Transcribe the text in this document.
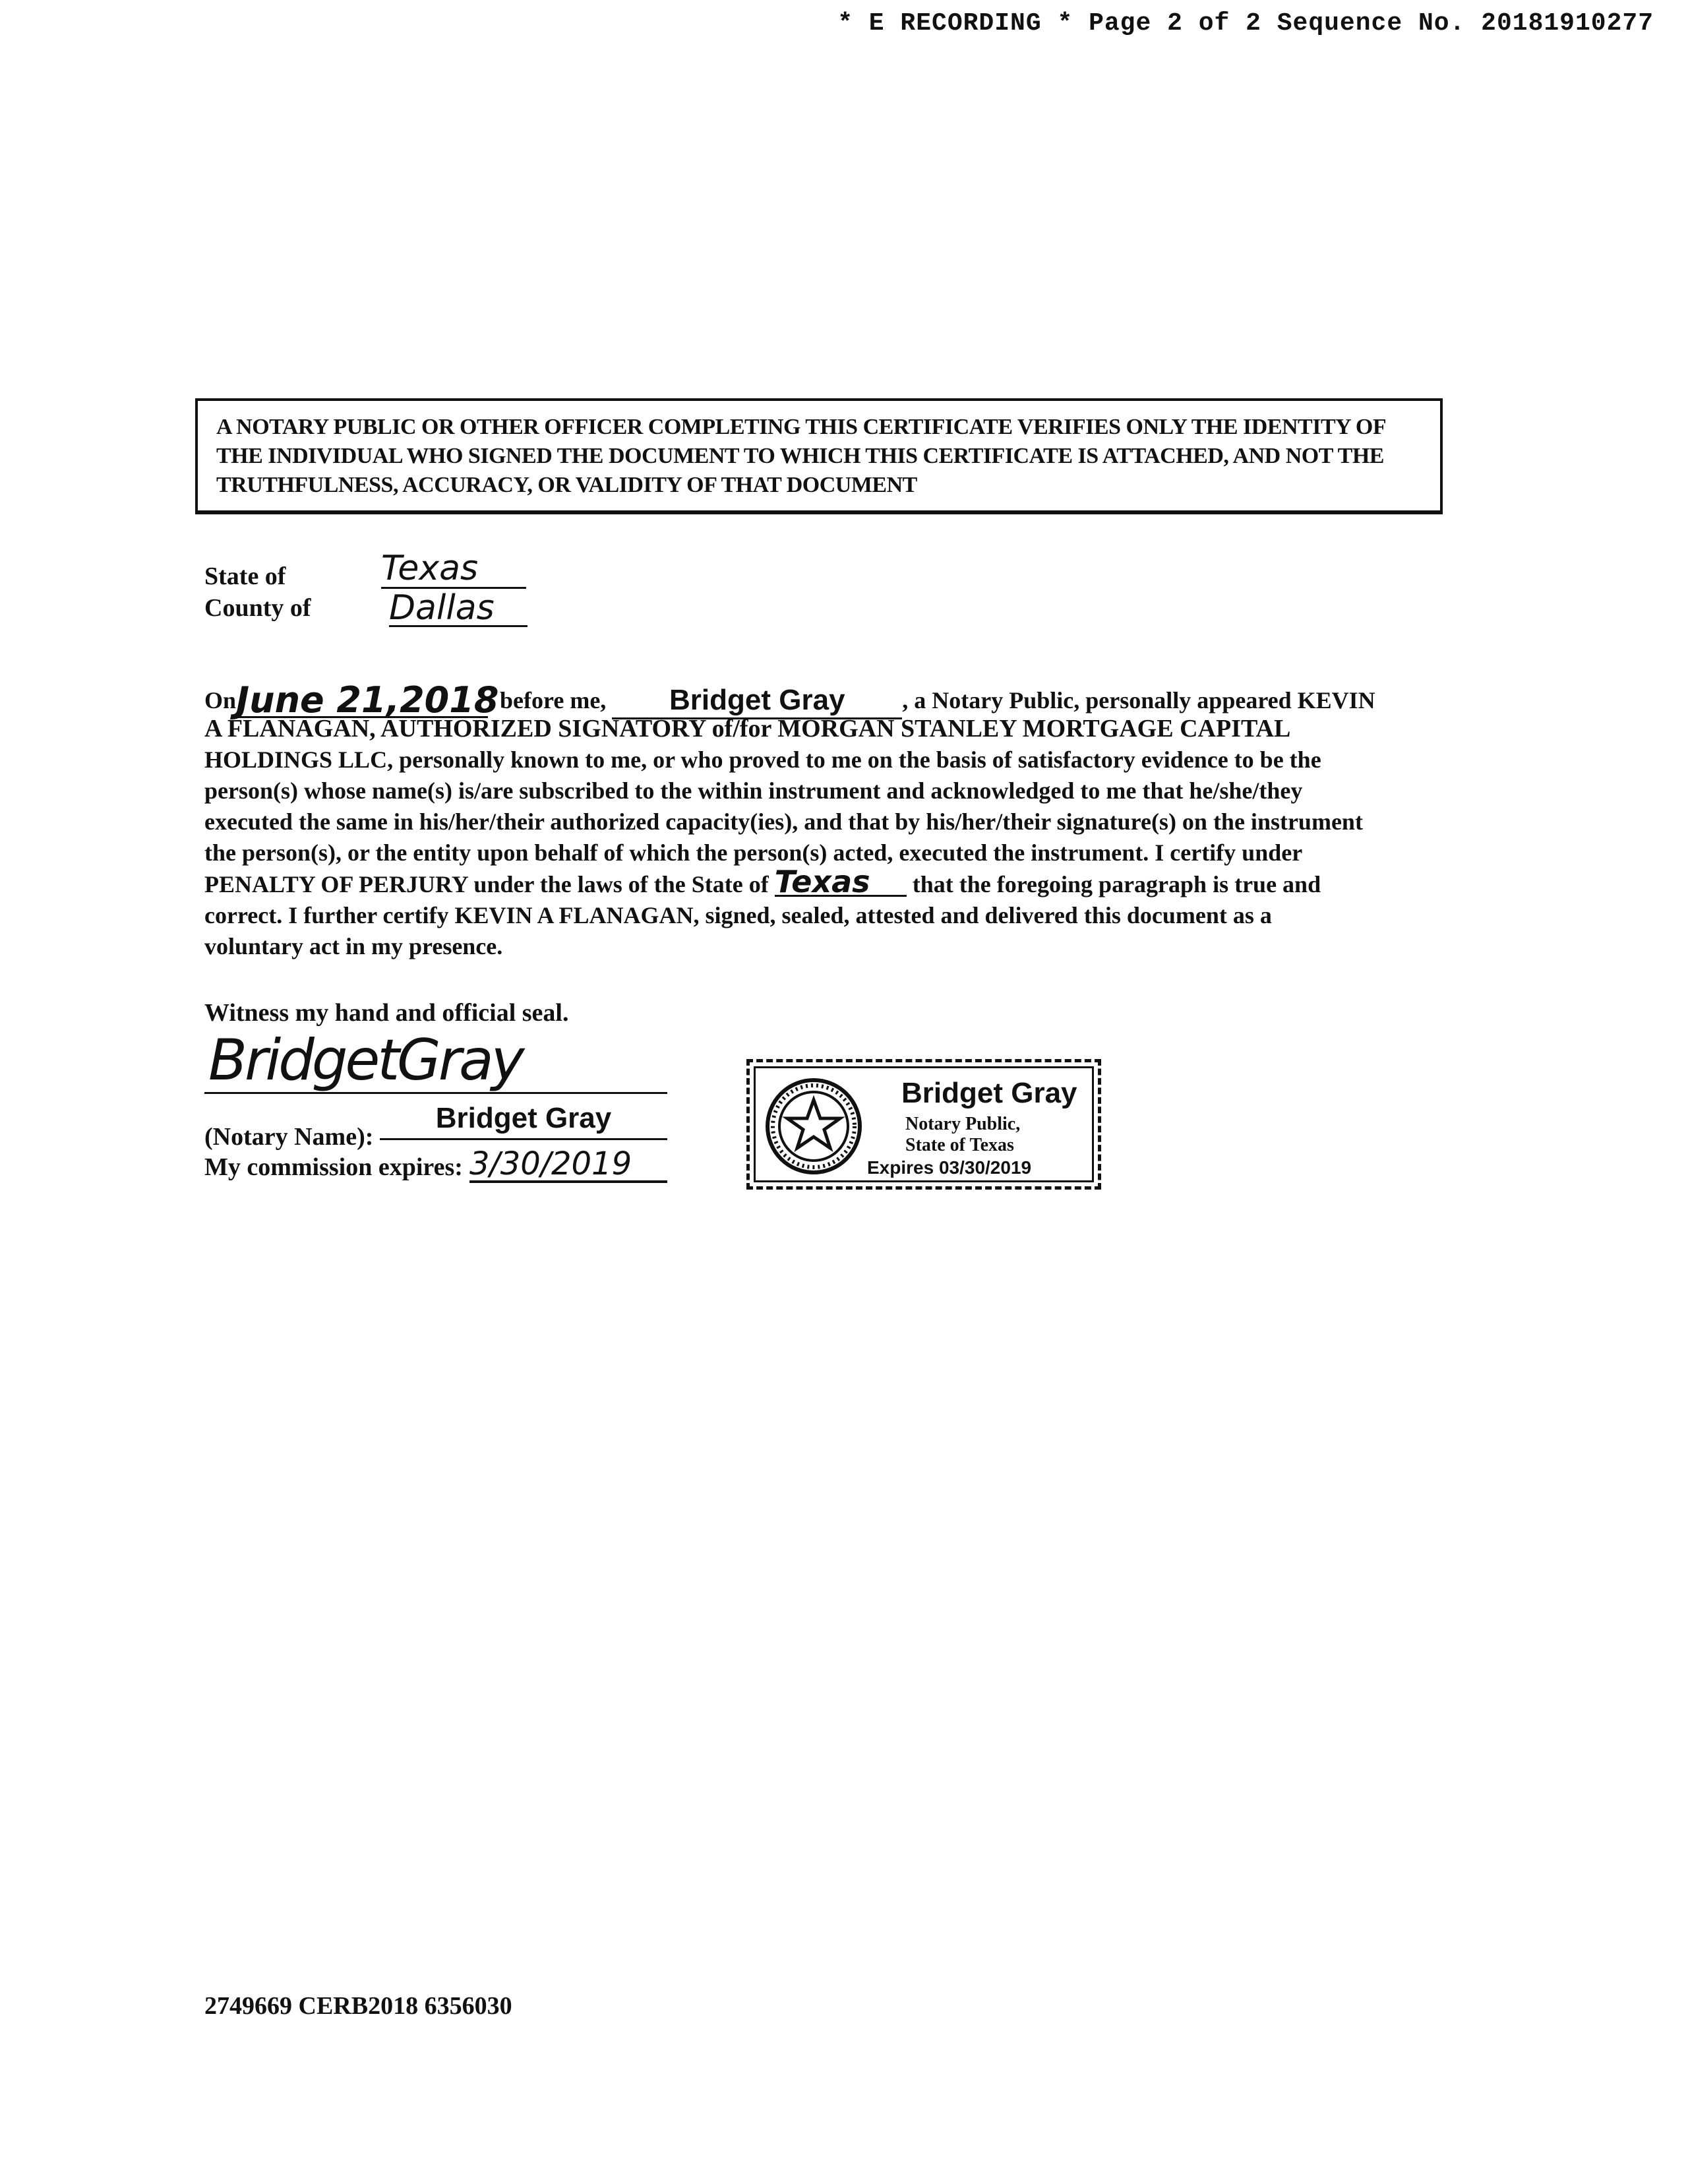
* E RECORDING * Page 2 of 2 Sequence No. 20181910277
A NOTARY PUBLIC OR OTHER OFFICER COMPLETING THIS CERTIFICATE VERIFIES ONLY THE IDENTITY OF
THE INDIVIDUAL WHO SIGNED THE DOCUMENT TO WHICH THIS CERTIFICATE IS ATTACHED, AND NOT THE
TRUTHFULNESS, ACCURACY, OR VALIDITY OF THAT DOCUMENT
State of	Texas
County of Dallas
OnJune 21,2018, before me, Bridget Gray , a Notary Public, personally appeared KEVIN
A FLANAGAN, AUTHORIZED SIGNATORY of/for MORGAN STANLEY MORTGAGE CAPITAL
HOLDINGS LLC, personally known to me, or who proved to me on the basis of satisfactory evidence to be the
person(s) whose name(s) is/are subscribed to the within instrument and acknowledged to me that he/she/they
executed the same in his/her/their authorized capacity(ies), and that by his/her/their signature(s) on the instrument
the person(s), or the entity upon behalf of which the person(s) acted, executed the instrument. I certify under
PENALTY OF PERJURY under the laws of the State of Texas that the foregoing paragraph is true and
correct. I further certify KEVIN A FLANAGAN, signed, sealed, attested and delivered this document as a
voluntary act in my presence.
Witness my hand and official seal.
BridgetGray
(Notary Name):
Bridget Gray
My commission expires: 3/30/2019
Bridget Gray
Notary Public,
State of Texas
Expires 03/30/2019
2749669 CERB2018 6356030
